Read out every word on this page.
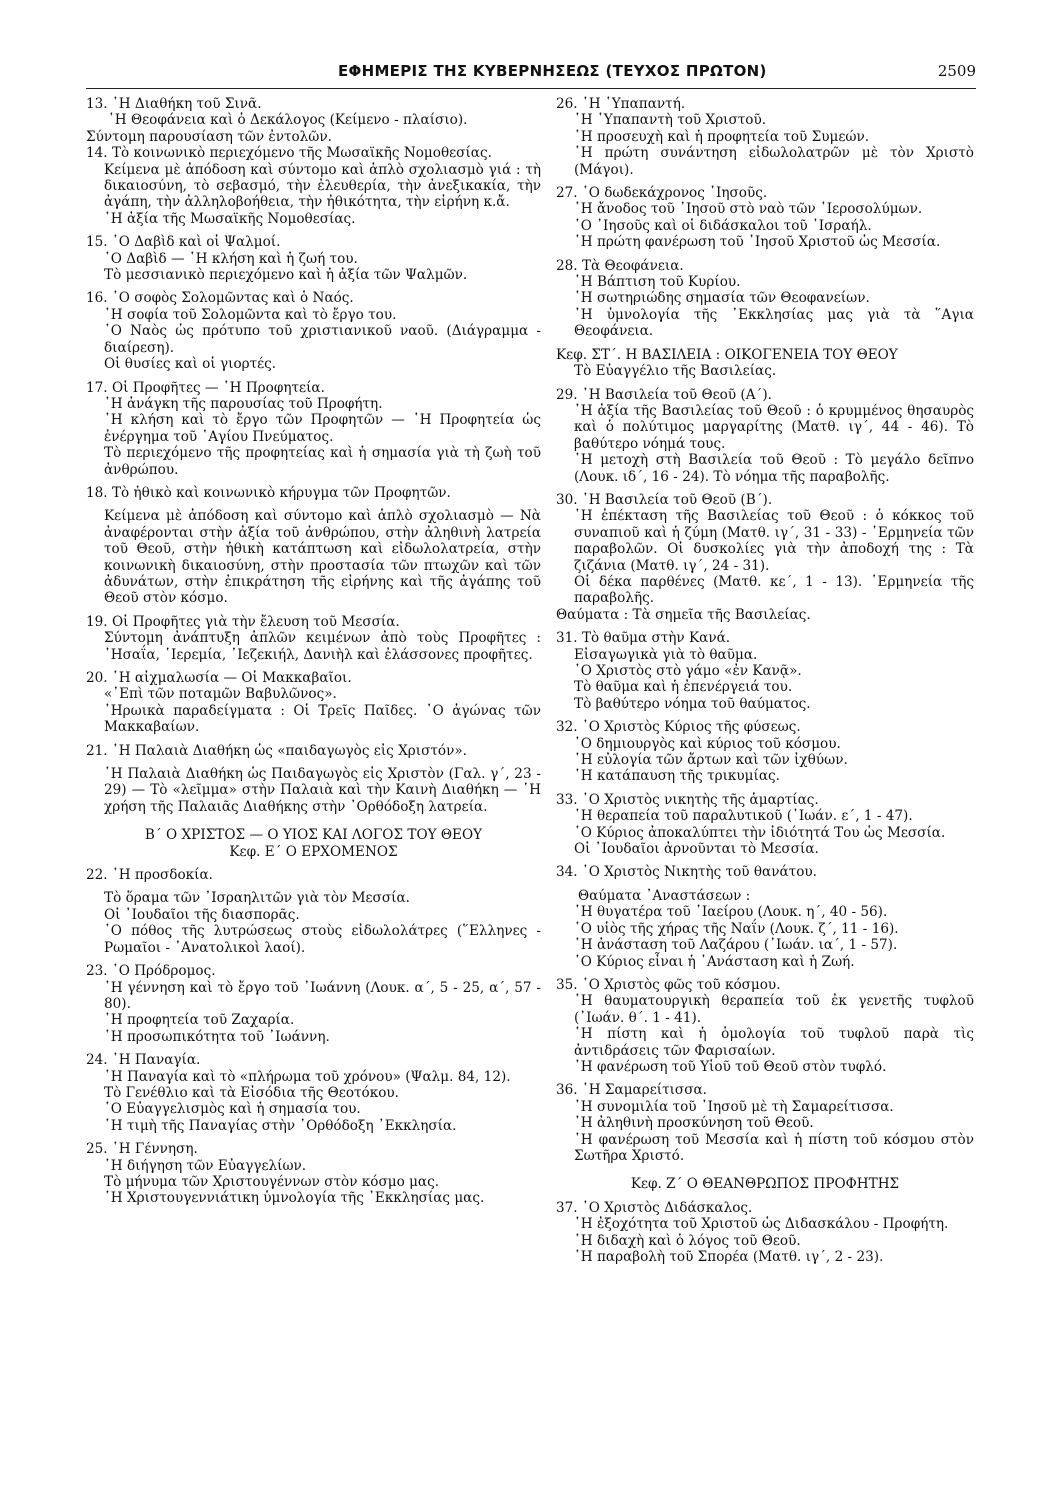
ΕΦΗΜΕΡΙΣ ΤΗΣ ΚΥΒΕΡΝΗΣΕΩΣ (ΤΕΥΧΟΣ ΠΡΩΤΟΝ)	2509
13. ῾Η Διαθήκη τοῦ Σινᾶ.
῾Η Θεοφάνεια καὶ ὁ Δεκάλογος (Κείμενο - πλαίσιο).
Σύντομη παρουσίαση τῶν ἐντολῶν.
14. Τὸ κοινωνικὸ περιεχόμενο τῆς Μωσαϊκῆς Νομοθεσίας.
Κείμενα μὲ ἀπόδοση καὶ σύντομο καὶ ἁπλὸ σχολιασμὸ γιά : τὴ δικαιοσύνη, τὸ σεβασμό, τὴν ἐλευθερία, τὴν ἀνεξικακία, τὴν ἀγάπη, τὴν ἀλληλοβοήθεια, τὴν ἠθικότητα, τὴν εἰρήνη κ.ἄ.
῾Η ἀξία τῆς Μωσαϊκῆς Νομοθεσίας.
15. ῾Ο Δαβὶδ καὶ οἱ Ψαλμοί.
῾Ο Δαβὶδ — ῾Η κλήση καὶ ἡ ζωή του.
Τὸ μεσσιανικὸ περιεχόμενο καὶ ἡ ἀξία τῶν Ψαλμῶν.
16. ῾Ο σοφὸς Σολομῶντας καὶ ὁ Ναός.
῾Η σοφία τοῦ Σολομῶντα καὶ τὸ ἔργο του.
῾Ο Ναὸς ὡς πρότυπο τοῦ χριστιανικοῦ ναοῦ. (Διάγραμμα - διαίρεση).
Οἱ θυσίες καὶ οἱ γιορτές.
17. Οἱ Προφῆτες — ῾Η Προφητεία.
῾Η ἀνάγκη τῆς παρουσίας τοῦ Προφήτη.
῾Η κλήση καὶ τὸ ἔργο τῶν Προφητῶν — ῾Η Προφητεία ὡς ἐνέργημα τοῦ ῾Αγίου Πνεύματος.
Τὸ περιεχόμενο τῆς προφητείας καὶ ἡ σημασία γιὰ τὴ ζωὴ τοῦ ἀνθρώπου.
18. Τὸ ἠθικὸ καὶ κοινωνικὸ κήρυγμα τῶν Προφητῶν.
Κείμενα μὲ ἀπόδοση καὶ σύντομο καὶ ἁπλὸ σχολιασμὸ — Νὰ ἀναφέρονται στὴν ἀξία τοῦ ἀνθρώπου, στὴν ἀληθινὴ λατρεία τοῦ Θεοῦ, στὴν ἠθικὴ κατάπτωση καὶ εἰδωλολατρεία, στὴν κοινωνικὴ δικαιοσύνη, στὴν προστασία τῶν πτωχῶν καὶ τῶν ἀδυνάτων, στὴν ἐπικράτηση τῆς εἰρήνης καὶ τῆς ἀγάπης τοῦ Θεοῦ στὸν κόσμο.
19. Οἱ Προφῆτες γιὰ τὴν ἔλευση τοῦ Μεσσία.
Σύντομη ἀνάπτυξη ἁπλῶν κειμένων ἀπὸ τοὺς Προφῆτες : ᾿Ησαΐα, ῾Ιερεμία, ᾿Ιεζεκιήλ, Δανιὴλ καὶ ἐλάσσονες προφῆτες.
20. ῾Η αἰχμαλωσία — Οἱ Μακκαβαῖοι.
«᾿Επὶ τῶν ποταμῶν Βαβυλῶνος».
῾Ηρωικὰ παραδείγματα : Οἱ Τρεῖς Παῖδες. ῾Ο ἀγώνας τῶν Μακκαβαίων.
21. ῾Η Παλαιὰ Διαθήκη ὡς «παιδαγωγὸς εἰς Χριστόν».
῾Η Παλαιὰ Διαθήκη ὡς Παιδαγωγὸς εἰς Χριστὸν (Γαλ. γ΄, 23 - 29) — Τὸ «λεῖμμα» στὴν Παλαιὰ καὶ τὴν Καινὴ Διαθήκη — ῾Η χρήση τῆς Παλαιᾶς Διαθήκης στὴν ᾿Ορθόδοξη λατρεία.
Β΄ Ο ΧΡΙΣΤΟΣ — Ο ΥΙΟΣ ΚΑΙ ΛΟΓΟΣ ΤΟΥ ΘΕΟΥ
Κεφ. Ε΄ Ο ΕΡΧΟΜΕΝΟΣ
22. ῾Η προσδοκία.
Τὸ ὅραμα τῶν ᾿Ισραηλιτῶν γιὰ τὸν Μεσσία.
Οἱ ᾿Ιουδαῖοι τῆς διασπορᾶς.
῾Ο πόθος τῆς λυτρώσεως στοὺς εἰδωλολάτρες (῞Ελληνες - Ρωμαῖοι - ᾿Ανατολικοὶ λαοί).
23. ῾Ο Πρόδρομος.
῾Η γέννηση καὶ τὸ ἔργο τοῦ ᾿Ιωάννη (Λουκ. α΄, 5 - 25, α΄, 57 - 80).
῾Η προφητεία τοῦ Ζαχαρία.
῾Η προσωπικότητα τοῦ ᾿Ιωάννη.
24. ῾Η Παναγία.
῾Η Παναγία καὶ τὸ «πλήρωμα τοῦ χρόνου» (Ψαλμ. 84, 12).
Τὸ Γενέθλιο καὶ τὰ Εἰσόδια τῆς Θεοτόκου.
῾Ο Εὐαγγελισμὸς καὶ ἡ σημασία του.
῾Η τιμὴ τῆς Παναγίας στὴν ᾿Ορθόδοξη ᾿Εκκλησία.
25. ῾Η Γέννηση.
῾Η διήγηση τῶν Εὐαγγελίων.
Τὸ μήνυμα τῶν Χριστουγέννων στὸν κόσμο μας.
῾Η Χριστουγεννιάτικη ὑμνολογία τῆς ᾿Εκκλησίας μας.
26. ῾Η ῾Υπαπαντή.
῾Η ῾Υπαπαντὴ τοῦ Χριστοῦ.
῾Η προσευχὴ καὶ ἡ προφητεία τοῦ Συμεών.
῾Η πρώτη συνάντηση εἰδωλολατρῶν μὲ τὸν Χριστὸ (Μάγοι).
27. ῾Ο δωδεκάχρονος ᾿Ιησοῦς.
῾Η ἄνοδος τοῦ ᾿Ιησοῦ στὸ ναὸ τῶν ῾Ιεροσολύμων.
῾Ο ᾿Ιησοῦς καὶ οἱ διδάσκαλοι τοῦ ᾿Ισραήλ.
῾Η πρώτη φανέρωση τοῦ ᾿Ιησοῦ Χριστοῦ ὡς Μεσσία.
28. Τὰ Θεοφάνεια.
῾Η Βάπτιση τοῦ Κυρίου.
῾Η σωτηριώδης σημασία τῶν Θεοφανείων.
῾Η ὑμνολογία τῆς ᾿Εκκλησίας μας γιὰ τὰ ῞Αγια Θεοφάνεια.
Κεφ. ΣΤ΄. Η ΒΑΣΙΛΕΙΑ : ΟΙΚΟΓΕΝΕΙΑ ΤΟΥ ΘΕΟΥ
Τὸ Εὐαγγέλιο τῆς Βασιλείας.
29. ῾Η Βασιλεία τοῦ Θεοῦ (Α΄).
῾Η ἀξία τῆς Βασιλείας τοῦ Θεοῦ : ὁ κρυμμένος θησαυρὸς καὶ ὁ πολύτιμος μαργαρίτης (Ματθ. ιγ΄, 44 - 46). Τὸ βαθύτερο νόημά τους.
῾Η μετοχὴ στὴ Βασιλεία τοῦ Θεοῦ : Τὸ μεγάλο δεῖπνο (Λουκ. ιδ΄, 16 - 24). Τὸ νόημα τῆς παραβολῆς.
30. ῾Η Βασιλεία τοῦ Θεοῦ (Β΄).
῾Η ἐπέκταση τῆς Βασιλείας τοῦ Θεοῦ : ὁ κόκκος τοῦ συναπιοῦ καὶ ἡ ζύμη (Ματθ. ιγ΄, 31 - 33) - ῾Ερμηνεία τῶν παραβολῶν. Οἱ δυσκολίες γιὰ τὴν ἀποδοχή της : Τὰ ζιζάνια (Ματθ. ιγ΄, 24 - 31).
Οἱ δέκα παρθένες (Ματθ. κε΄, 1 - 13). ῾Ερμηνεία τῆς παραβολῆς.
Θαύματα : Τὰ σημεῖα τῆς Βασιλείας.
31. Τὸ θαῦμα στὴν Κανά.
Εἰσαγωγικὰ γιὰ τὸ θαῦμα.
῾Ο Χριστὸς στὸ γάμο «ἐν Κανᾷ».
Τὸ θαῦμα καὶ ἡ ἐπενέργειά του.
Τὸ βαθύτερο νόημα τοῦ θαύματος.
32. ῾Ο Χριστὸς Κύριος τῆς φύσεως.
῾Ο δημιουργὸς καὶ κύριος τοῦ κόσμου.
῾Η εὐλογία τῶν ἄρτων καὶ τῶν ἰχθύων.
῾Η κατάπαυση τῆς τρικυμίας.
33. ῾Ο Χριστὸς νικητὴς τῆς ἁμαρτίας.
῾Η θεραπεία τοῦ παραλυτικοῦ (᾿Ιωάν. ε΄, 1 - 47).
῾Ο Κύριος ἀποκαλύπτει τὴν ἰδιότητά Του ὡς Μεσσία.
Οἱ ᾿Ιουδαῖοι ἀρνοῦνται τὸ Μεσσία.
34. ῾Ο Χριστὸς Νικητὴς τοῦ θανάτου.
Θαύματα ᾿Αναστάσεων :
῾Η θυγατέρα τοῦ ᾿Ιαείρου (Λουκ. η΄, 40 - 56).
῾Ο υἱὸς τῆς χήρας τῆς Ναΐν (Λουκ. ζ΄, 11 - 16).
῾Η ἀνάσταση τοῦ Λαζάρου (᾿Ιωάν. ια΄, 1 - 57).
῾Ο Κύριος εἶναι ἡ ᾿Ανάσταση καὶ ἡ Ζωή.
35. ῾Ο Χριστὸς φῶς τοῦ κόσμου.
῾Η θαυματουργικὴ θεραπεία τοῦ ἐκ γενετῆς τυφλοῦ (᾿Ιωάν. θ΄. 1 - 41).
῾Η πίστη καὶ ἡ ὁμολογία τοῦ τυφλοῦ παρὰ τὶς ἀντιδράσεις τῶν Φαρισαίων.
῾Η φανέρωση τοῦ Υἱοῦ τοῦ Θεοῦ στὸν τυφλό.
36. ῾Η Σαμαρείτισσα.
῾Η συνομιλία τοῦ ᾿Ιησοῦ μὲ τὴ Σαμαρείτισσα.
῾Η ἀληθινὴ προσκύνηση τοῦ Θεοῦ.
῾Η φανέρωση τοῦ Μεσσία καὶ ἡ πίστη τοῦ κόσμου στὸν Σωτῆρα Χριστό.
Κεφ. Ζ΄ Ο ΘΕΑΝΘΡΩΠΟΣ ΠΡΟΦΗΤΗΣ
37. ῾Ο Χριστὸς Διδάσκαλος.
῾Η ἐξοχότητα τοῦ Χριστοῦ ὡς Διδασκάλου - Προφήτη.
῾Η διδαχὴ καὶ ὁ λόγος τοῦ Θεοῦ.
῾Η παραβολὴ τοῦ Σπορέα (Ματθ. ιγ΄, 2 - 23).
